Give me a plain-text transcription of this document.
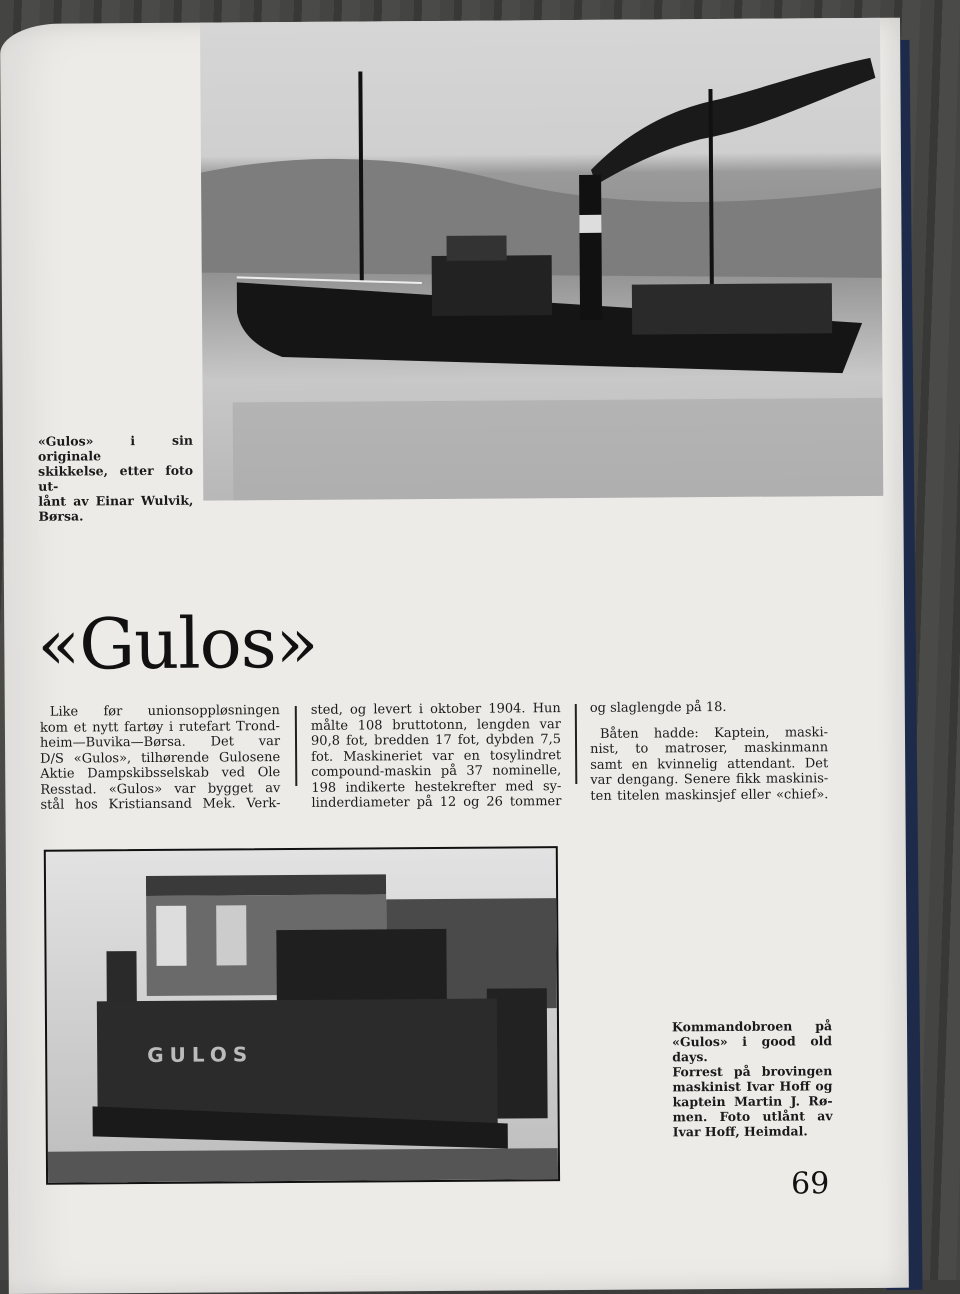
«Gulos» i sin originale
skikkelse, etter foto ut-
lånt av Einar Wulvik,
Børsa.
«Gulos»
Like før unionsoppløsningen
kom et nytt fartøy i rutefart Trond-
heim—Buvika—Børsa. Det var
D/S «Gulos», tilhørende Gulosene
Aktie Dampskibsselskab ved Ole
Resstad. «Gulos» var bygget av
stål hos Kristiansand Mek. Verk-
sted, og levert i oktober 1904. Hun
målte 108 bruttotonn, lengden var
90,8 fot, bredden 17 fot, dybden 7,5
fot. Maskineriet var en tosylindret
compound-maskin på 37 nominelle,
198 indikerte hestekrefter med sy-
linderdiameter på 12 og 26 tommer
og slaglengde på 18.
Båten hadde: Kaptein, maski-
nist, to matroser, maskinmann
samt en kvinnelig attendant. Det
var dengang. Senere fikk maskinis-
ten titelen maskinsjef eller «chief».
GULOS
Kommandobroen på
«Gulos» i good old days.
Forrest på brovingen
maskinist Ivar Hoff og
kaptein Martin J. Rø-
men. Foto utlånt av
Ivar Hoff, Heimdal.
69
